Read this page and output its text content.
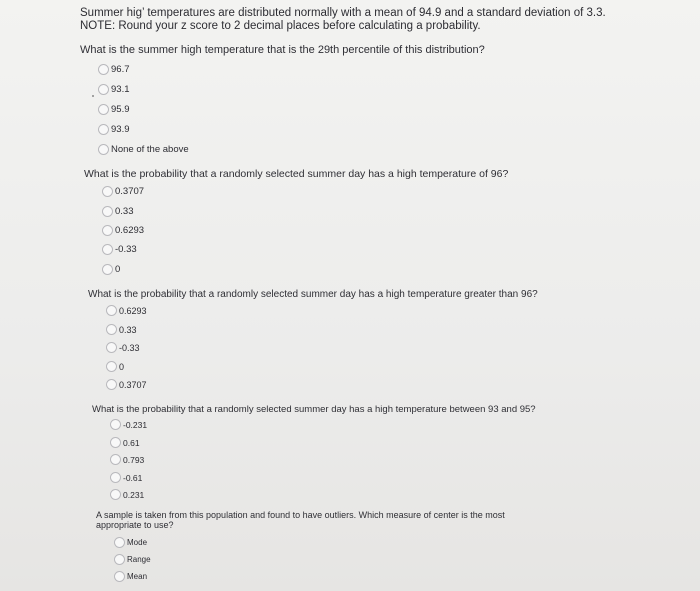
Summer hig’ temperatures are distributed normally with a mean of 94.9 and a standard deviation of 3.3.
NOTE: Round your z score to 2 decimal places before calculating a probability.
What is the summer high temperature that is the 29th percentile of this distribution?
96.7
93.1
95.9
93.9
None of the above
What is the probability that a randomly selected summer day has a high temperature of 96?
0.3707
0.33
0.6293
-0.33
0
What is the probability that a randomly selected summer day has a high temperature greater than 96?
0.6293
0.33
-0.33
0
0.3707
What is the probability that a randomly selected summer day has a high temperature between 93 and 95?
-0.231
0.61
0.793
-0.61
0.231
A sample is taken from this population and found to have outliers. Which measure of center is the most
appropriate to use?
Mode
Range
Mean
